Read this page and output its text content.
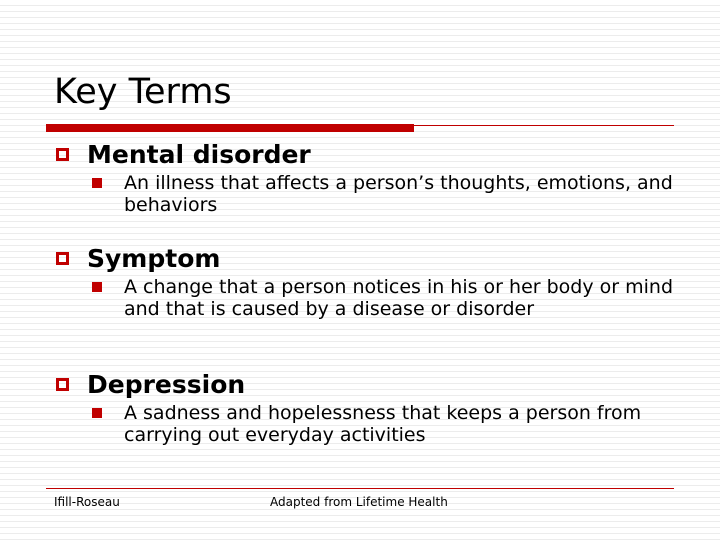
Key Terms
Mental disorder
An illness that affects a person’s thoughts, emotions, and behaviors
Symptom
A change that a person notices in his or her body or mind and that is caused by a disease or disorder
Depression
A sadness and hopelessness that keeps a person from carrying out everyday activities
Ifill-Roseau	Adapted from Lifetime Health
